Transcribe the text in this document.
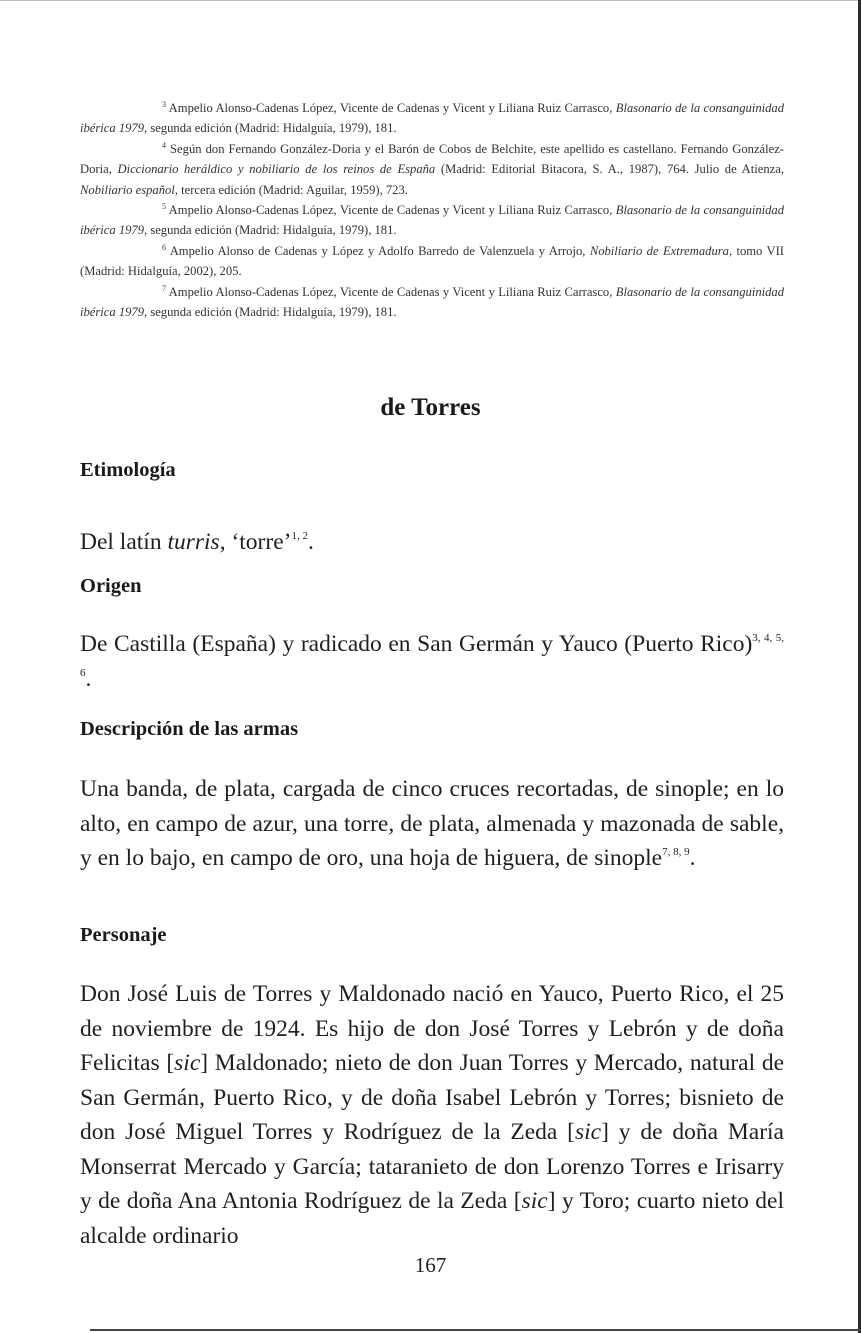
$^3$ Ampelio Alonso-Cadenas López, Vicente de Cadenas y Vicent y Liliana Ruiz Carrasco, Blasonario de la consanguinidad ibérica 1979, segunda edición (Madrid: Hidalguía, 1979), 181.

$^4$ Según don Fernando González-Doria y el Barón de Cobos de Belchite, este apellido es castellano. Fernando González-Doria, Diccionario heráldico y nobiliario de los reinos de España (Madrid: Editorial Bitacora, S. A., 1987), 764. Julio de Atienza, Nobiliario español, tercera edición (Madrid: Aguilar, 1959), 723.

$^5$ Ampelio Alonso-Cadenas López, Vicente de Cadenas y Vicent y Liliana Ruiz Carrasco, Blasonario de la consanguinidad ibérica 1979, segunda edición (Madrid: Hidalguía, 1979), 181.

$^6$ Ampelio Alonso de Cadenas y López y Adolfo Barredo de Valenzuela y Arrojo, Nobiliario de Extremadura, tomo VII (Madrid: Hidalguía, 2002), 205.

$^7$ Ampelio Alonso-Cadenas López, Vicente de Cadenas y Vicent y Liliana Ruiz Carrasco, Blasonario de la consanguinidad ibérica 1979, segunda edición (Madrid: Hidalguía, 1979), 181.

de Torres
Etimología

Del latín turris, ‘torre’$^{1, 2}$.

Origen

De Castilla (España) y radicado en San Germán y Yauco (Puerto Rico)$^{3, 4, 5, 6}$.

Descripción de las armas

Una banda, de plata, cargada de cinco cruces recortadas, de sinople; en lo alto, en campo de azur, una torre, de plata, almenada y mazonada de sable, y en lo bajo, en campo de oro, una hoja de higuera, de sinople$^{7, 8, 9}$.

Personaje

Don José Luis de Torres y Maldonado nació en Yauco, Puerto Rico, el 25 de noviembre de 1924. Es hijo de don José Torres y Lebrón y de doña Felicitas [sic] Maldonado; nieto de don Juan Torres y Mercado, natural de San Germán, Puerto Rico, y de doña Isabel Lebrón y Torres; bisnieto de don José Miguel Torres y Rodríguez de la Zeda [sic] y de doña María Monserrat Mercado y García; tataranieto de don Lorenzo Torres e Irisarry y de doña Ana Antonia Rodríguez de la Zeda [sic] y Toro; cuarto nieto del alcalde ordinario

167
